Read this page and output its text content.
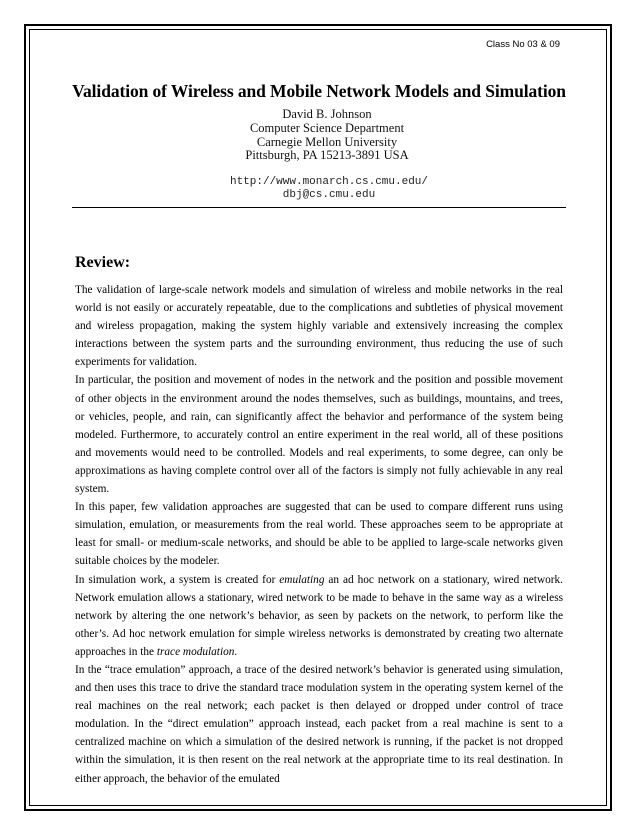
Class No 03 & 09
Validation of Wireless and Mobile Network Models and Simulation
David B. Johnson
Computer Science Department
Carnegie Mellon University
Pittsburgh, PA 15213-3891 USA
http://www.monarch.cs.cmu.edu/
dbj@cs.cmu.edu
Review:

The validation of large-scale network models and simulation of wireless and mobile networks in the real world is not easily or accurately repeatable, due to the complications and subtleties of physical movement and wireless propagation, making the system highly variable and extensively increasing the complex interactions between the system parts and the surrounding environment, thus reducing the use of such experiments for validation.

In particular, the position and movement of nodes in the network and the position and possible movement of other objects in the environment around the nodes themselves, such as buildings, mountains, and trees, or vehicles, people, and rain, can significantly affect the behavior and performance of the system being modeled. Furthermore, to accurately control an entire experiment in the real world, all of these positions and movements would need to be controlled. Models and real experiments, to some degree, can only be approximations as having complete control over all of the factors is simply not fully achievable in any real system.

In this paper, few validation approaches are suggested that can be used to compare different runs using simulation, emulation, or measurements from the real world. These approaches seem to be appropriate at least for small- or medium-scale networks, and should be able to be applied to large-scale networks given suitable choices by the modeler.

In simulation work, a system is created for emulating an ad hoc network on a stationary, wired network. Network emulation allows a stationary, wired network to be made to behave in the same way as a wireless network by altering the one network’s behavior, as seen by packets on the network, to perform like the other’s. Ad hoc network emulation for simple wireless networks is demonstrated by creating two alternate approaches in the trace modulation.

In the “trace emulation” approach, a trace of the desired network’s behavior is generated using simulation, and then uses this trace to drive the standard trace modulation system in the operating system kernel of the real machines on the real network; each packet is then delayed or dropped under control of trace modulation. In the “direct emulation” approach instead, each packet from a real machine is sent to a centralized machine on which a simulation of the desired network is running, if the packet is not dropped within the simulation, it is then resent on the real network at the appropriate time to its real destination. In either approach, the behavior of the emulated
